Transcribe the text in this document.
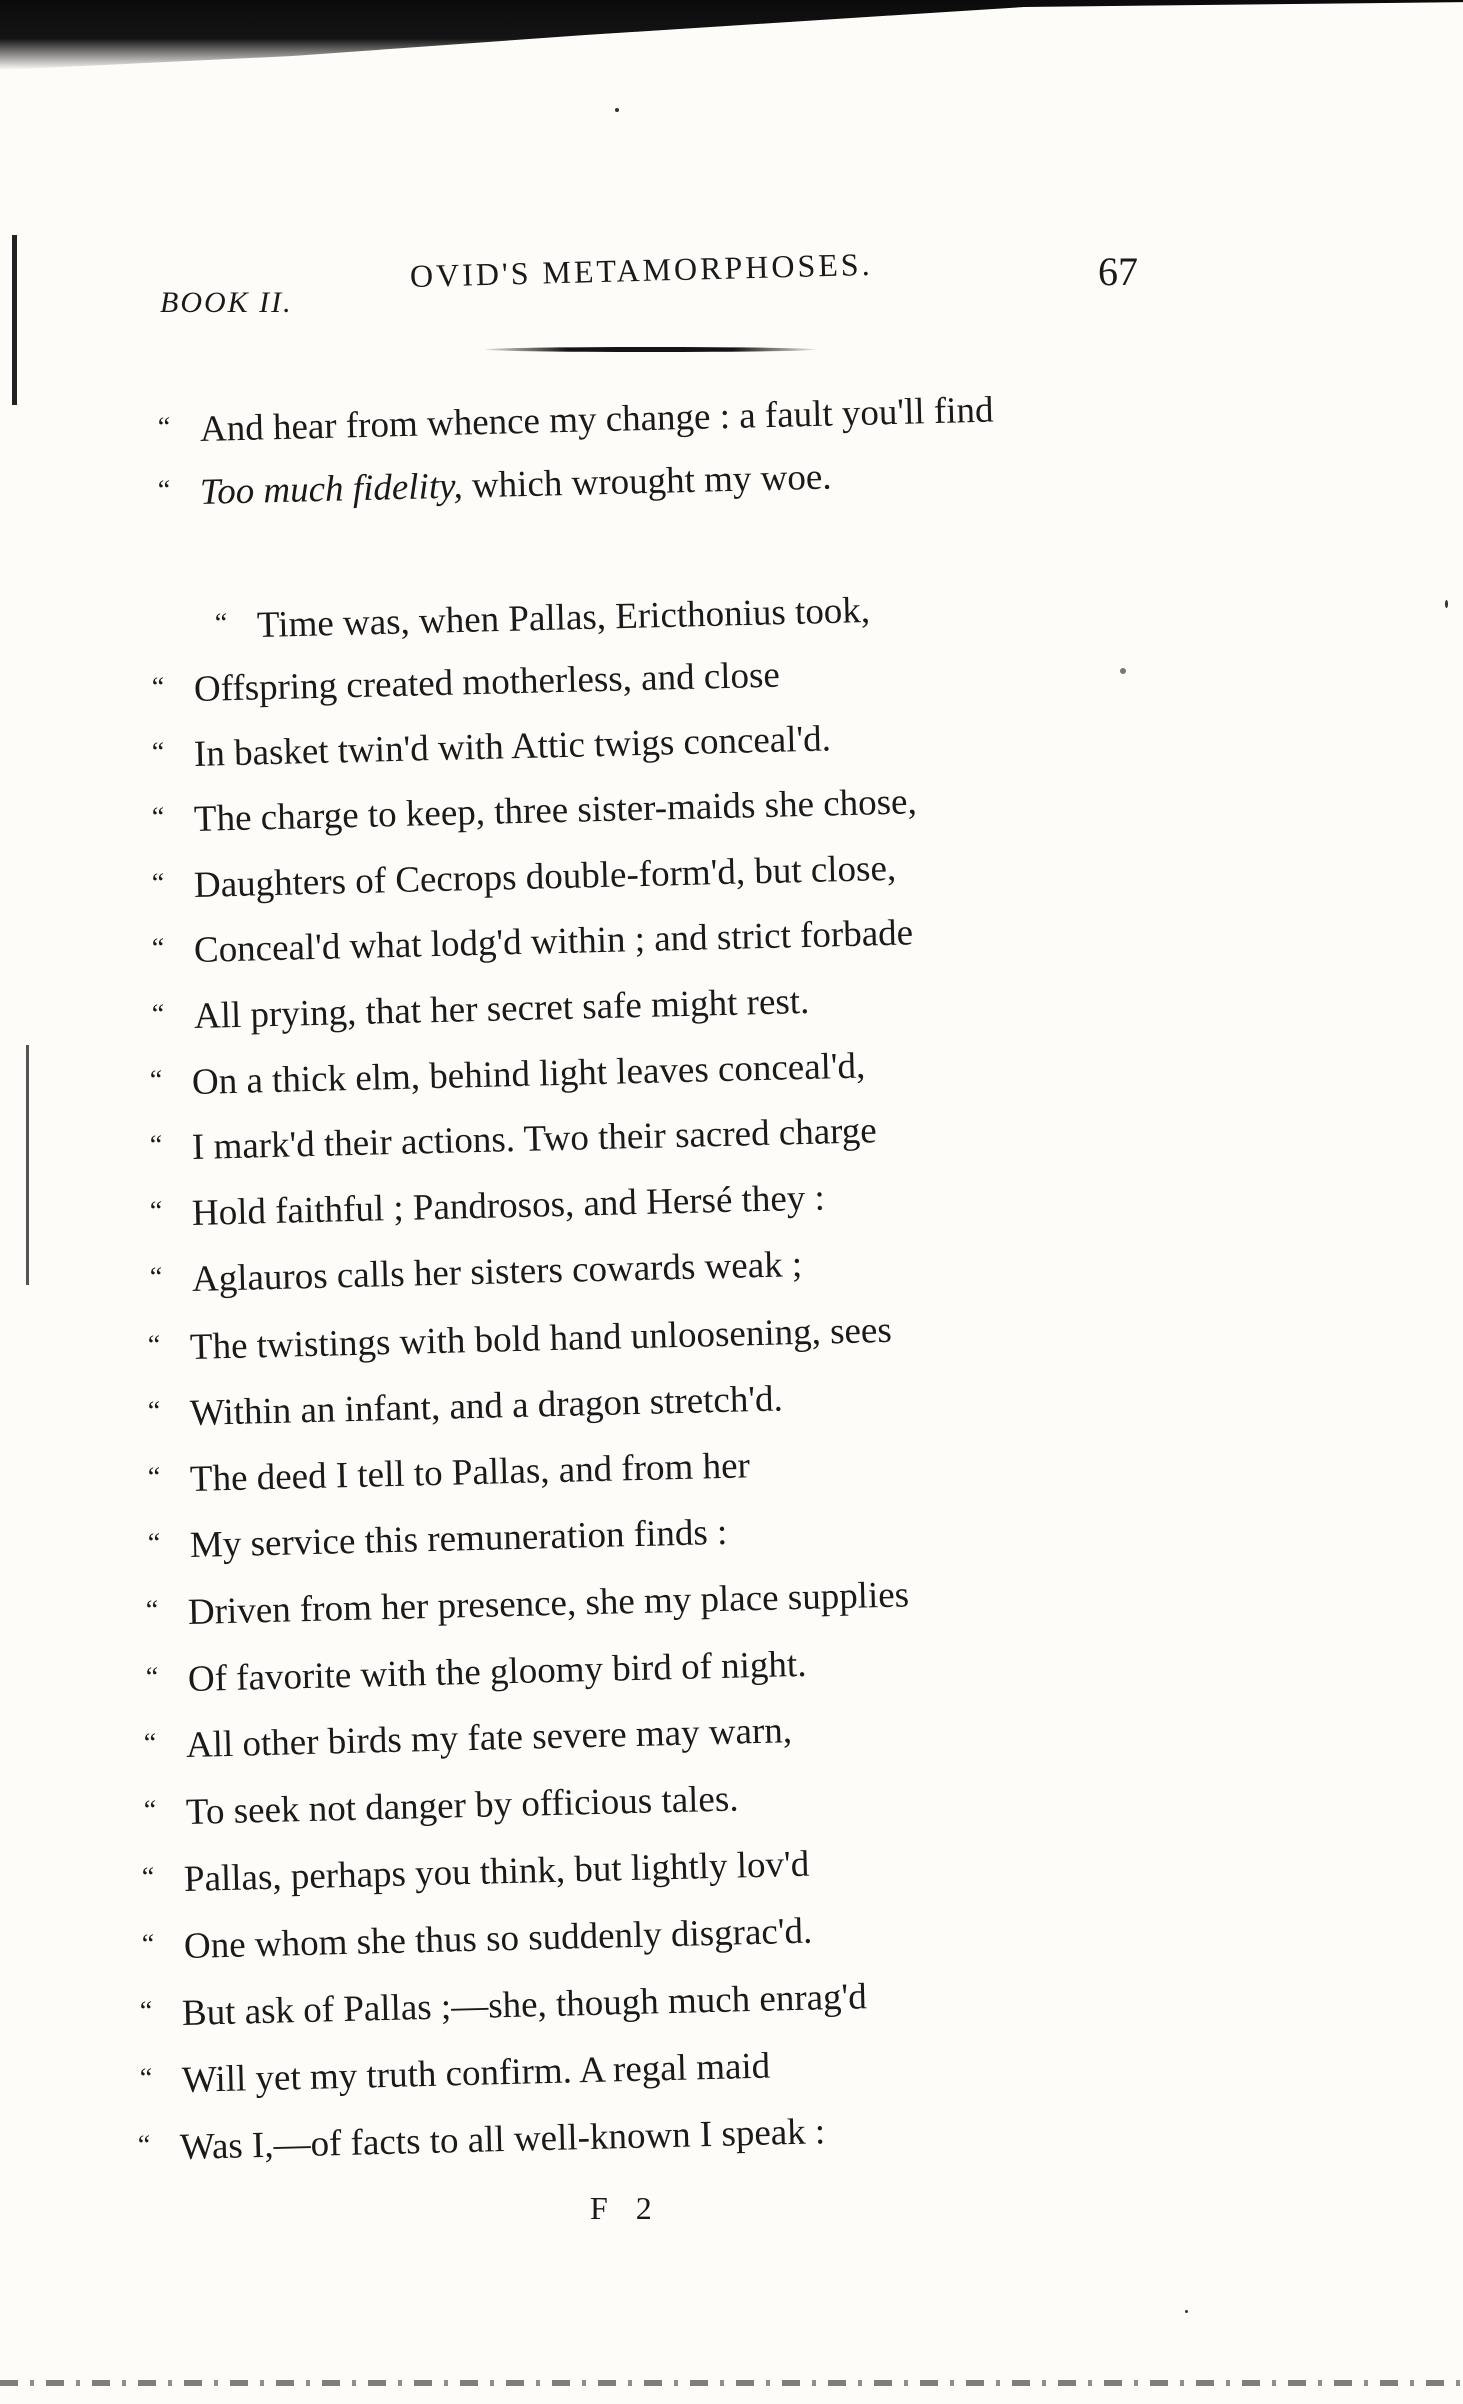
BOOK II.
OVID'S METAMORPHOSES.	67
“ And hear from whence my change : a fault you'll find
“ Too much fidelity, which wrought my woe.
“ Time was, when Pallas, Ericthonius took,
“ Offspring created motherless, and close
“ In basket twin'd with Attic twigs conceal'd.
“ The charge to keep, three sister-maids she chose,
“ Daughters of Cecrops double-form'd, but close,
“ Conceal'd what lodg'd within ; and strict forbade
“ All prying, that her secret safe might rest.
“ On a thick elm, behind light leaves conceal'd,
“ I mark'd their actions. Two their sacred charge
“ Hold faithful ; Pandrosos, and Hersé they :
“ Aglauros calls her sisters cowards weak ;
“ The twistings with bold hand unloosening, sees
“ Within an infant, and a dragon stretch'd.
“ The deed I tell to Pallas, and from her
“ My service this remuneration finds :
“ Driven from her presence, she my place supplies
“ Of favorite with the gloomy bird of night.
“ All other birds my fate severe may warn,
“ To seek not danger by officious tales.
“ Pallas, perhaps you think, but lightly lov'd
“ One whom she thus so suddenly disgrac'd.
“ But ask of Pallas ;—she, though much enrag'd
“ Will yet my truth confirm. A regal maid
“ Was I,—of facts to all well-known I speak :
F 2
